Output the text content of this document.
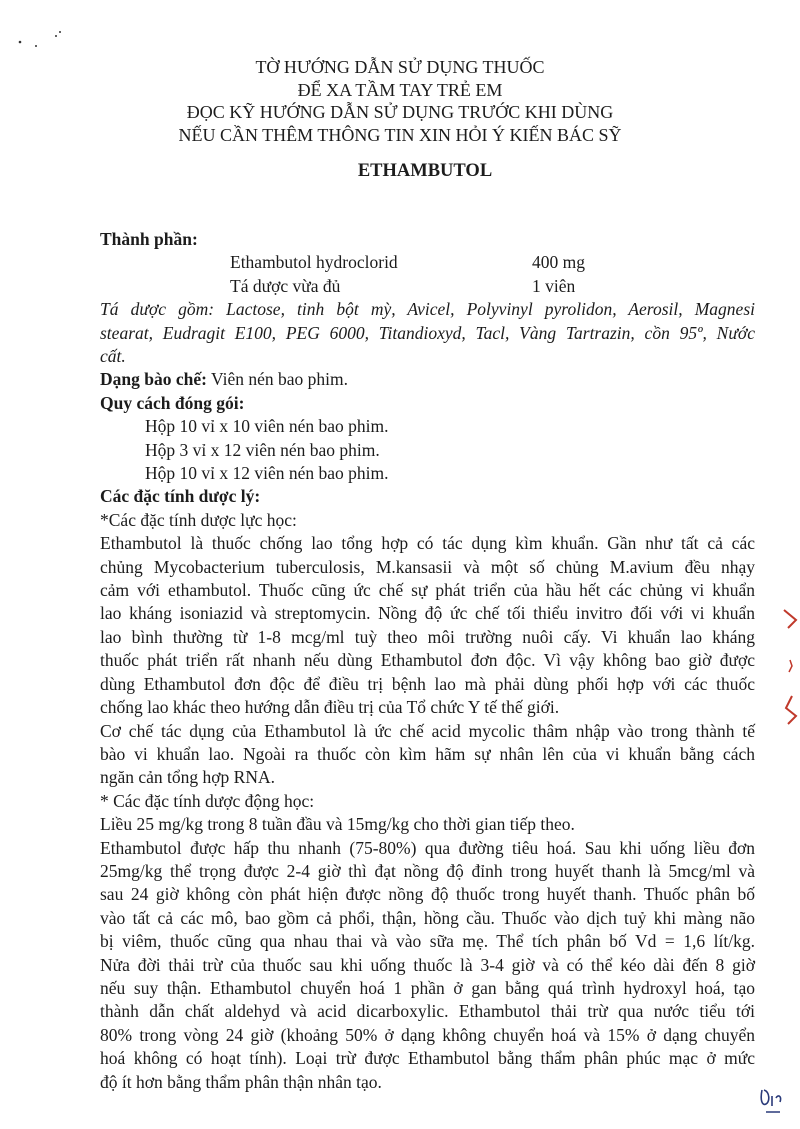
TỜ HƯỚNG DẪN SỬ DỤNG THUỐC
ĐỂ XA TẦM TAY TRẺ EM
ĐỌC KỸ HƯỚNG DẪN SỬ DỤNG TRƯỚC KHI DÙNG
NẾU CẦN THÊM THÔNG TIN XIN HỎI Ý KIẾN BÁC SỸ
ETHAMBUTOL
Thành phần:
Ethambutol hydroclorid	400 mg
Tá dược vừa đủ	1 viên
Tá dược gồm: Lactose, tinh bột mỳ, Avicel, Polyvinyl pyrolidon, Aerosil, Magnesi
stearat, Eudragit E100, PEG 6000, Titandioxyd, Tacl, Vàng Tartrazin, cồn 95º, Nước
cất.
Dạng bào chế: Viên nén bao phim.
Quy cách đóng gói:
Hộp 10 vỉ x 10 viên nén bao phim.
Hộp 3 vỉ x 12 viên nén bao phim.
Hộp 10 vỉ x 12 viên nén bao phim.
Các đặc tính dược lý:
*Các đặc tính dược lực học:
Ethambutol là thuốc chống lao tổng hợp có tác dụng kìm khuẩn. Gần như tất cả các
chủng Mycobacterium tuberculosis, M.kansasii và một số chủng M.avium đều nhạy
cảm với ethambutol. Thuốc cũng ức chế sự phát triển của hầu hết các chủng vi khuẩn
lao kháng isoniazid và streptomycin. Nồng độ ức chế tối thiểu invitro đối với vi khuẩn
lao bình thường từ 1-8 mcg/ml tuỳ theo môi trường nuôi cấy. Vi khuẩn lao kháng
thuốc phát triển rất nhanh nếu dùng Ethambutol đơn độc. Vì vậy không bao giờ được
dùng Ethambutol đơn độc để điều trị bệnh lao mà phải dùng phối hợp với các thuốc
chống lao khác theo hướng dẫn điều trị của Tổ chức Y tế thế giới.
Cơ chế tác dụng của Ethambutol là ức chế acid mycolic thâm nhập vào trong thành tế
bào vi khuẩn lao. Ngoài ra thuốc còn kìm hãm sự nhân lên của vi khuẩn bằng cách
ngăn cản tổng hợp RNA.
* Các đặc tính dược động học:
Liều 25 mg/kg trong 8 tuần đầu và 15mg/kg cho thời gian tiếp theo.
Ethambutol được hấp thu nhanh (75-80%) qua đường tiêu hoá. Sau khi uống liều đơn
25mg/kg thể trọng được 2-4 giờ thì đạt nồng độ đỉnh trong huyết thanh là 5mcg/ml và
sau 24 giờ không còn phát hiện được nồng độ thuốc trong huyết thanh. Thuốc phân bố
vào tất cả các mô, bao gồm cả phổi, thận, hồng cầu. Thuốc vào dịch tuỷ khi màng não
bị viêm, thuốc cũng qua nhau thai và vào sữa mẹ. Thể tích phân bố Vd = 1,6 lít/kg.
Nửa đời thải trừ của thuốc sau khi uống thuốc là 3-4 giờ và có thể kéo dài đến 8 giờ
nếu suy thận. Ethambutol chuyển hoá 1 phần ở gan bằng quá trình hydroxyl hoá, tạo
thành dẫn chất aldehyd và acid dicarboxylic. Ethambutol thải trừ qua nước tiểu tới
80% trong vòng 24 giờ (khoảng 50% ở dạng không chuyển hoá và 15% ở dạng chuyển
hoá không có hoạt tính). Loại trừ được Ethambutol bằng thẩm phân phúc mạc ở mức
độ ít hơn bằng thẩm phân thận nhân tạo.
